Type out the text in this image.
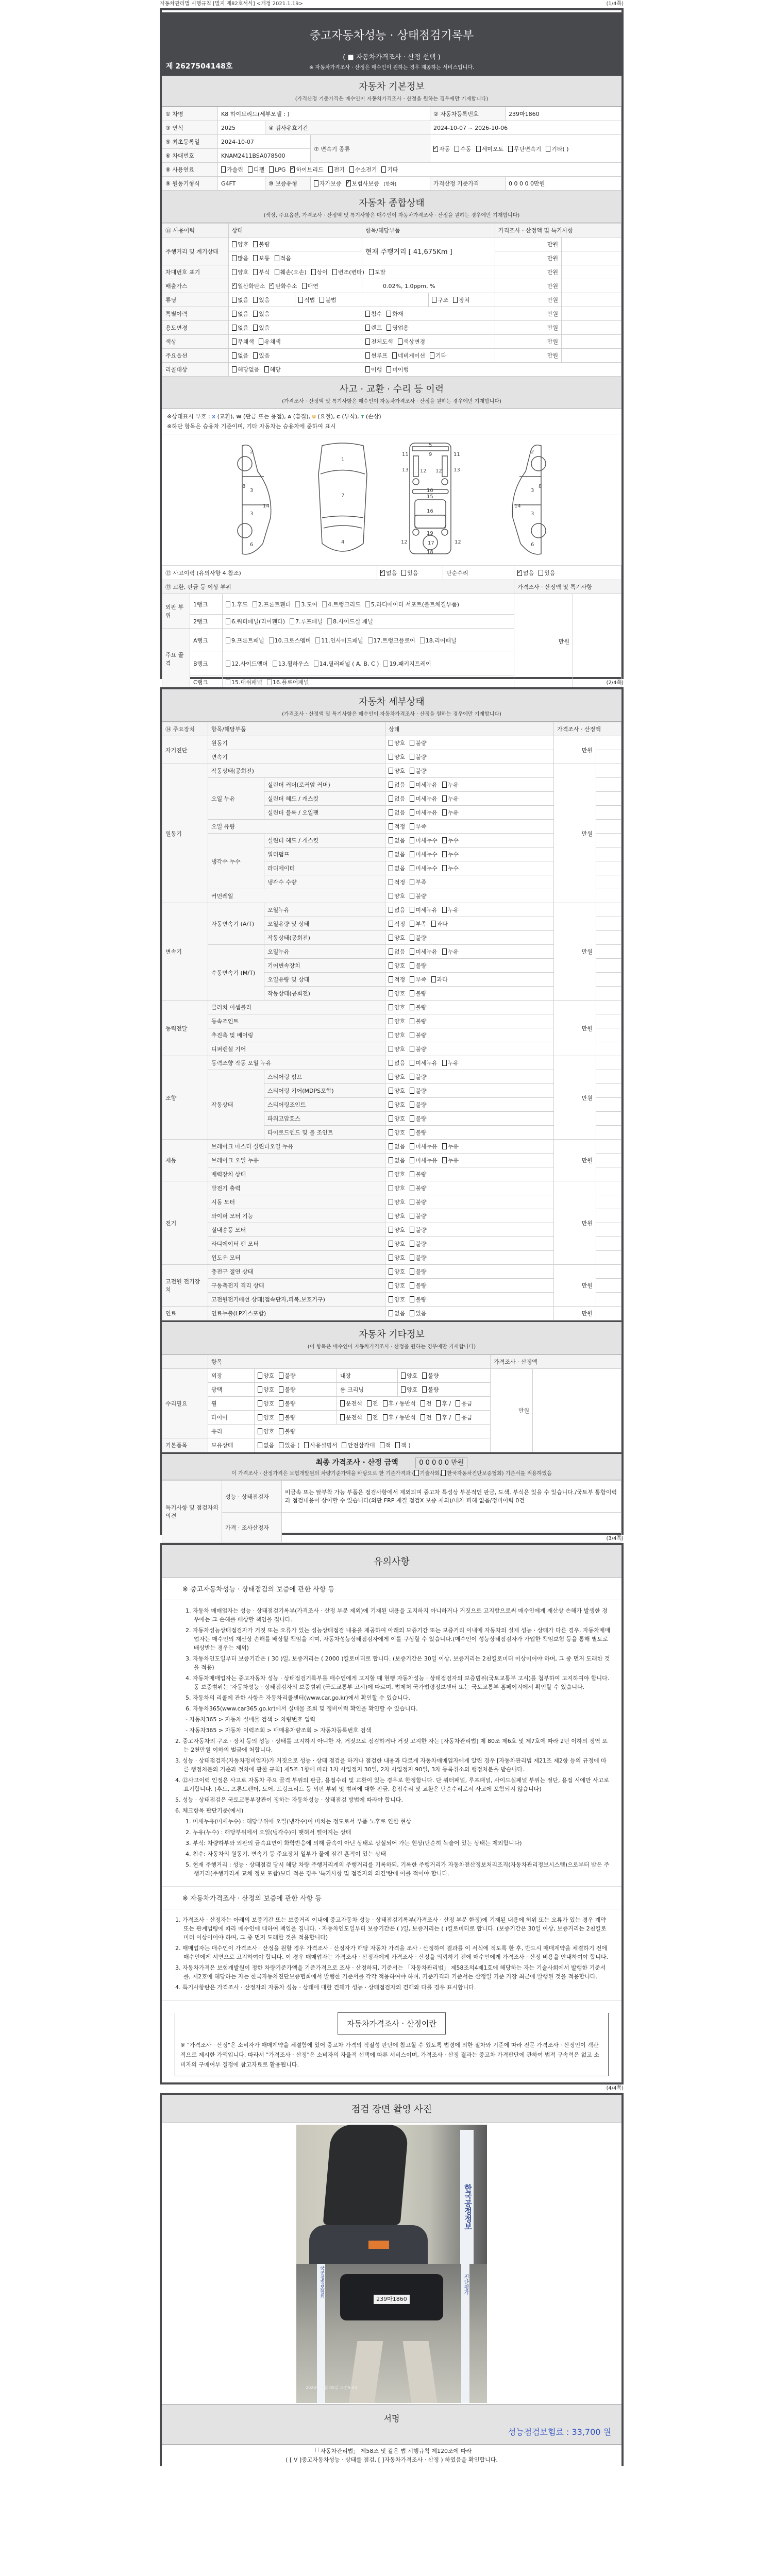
자동차관리법 시행규칙 [별지 제82호서식] <개정 2021.1.19>	(1/4쪽)
중고자동차성능 · 상태점검기록부
( ■ 자동차가격조사 · 산정 선택 )
※ 자동차가격조사 · 산정은 매수인이 원하는 경우 제공하는 서비스입니다.
제 2627504148호
자동차 기본정보
(가격산정 기준가격은 매수인이 자동차가격조사 · 산정을 원하는 경우에만 기재합니다)
① 차명	K8 하이브리드(세부모델 : )			② 자동차등록번호	239마1860
③ 연식	2025	④ 검사유효기간		2024-10-07 ~ 2026-10-06	
⑤ 최초등록일	2024-10-07		⑦ 변속기 종류	✓자동 수동 세미오토 무단변속기 기타( )
⑥ 차대번호	KNAM2411BSA078500				
⑧ 사용연료	가솔린 디젤 LPG ✓ 하이브리드 전기 수소전기 기타
⑨ 원동기형식	G4FT	⑩ 보증유형	자가보증 ✓ 보험사보증 [한화]	가격산정 기준가격	0 0 0 0 0만원
자동차 종합상태
(색상, 주요옵션, 가격조사 · 산정액 및 특기사항은 매수인이 자동차가격조사 · 산정을 원하는 경우에만 기재합니다)
⑪ 사용이력	상태		항목/해당부품		가격조사 · 산정액 및 특기사항	
주행거리 및 계기상태	양호 불량		현재 주행거리 [ 41,675Km ]		만원	
	많음 보통 적음				만원	
차대번호 표기	양호 부식 훼손(오손) 상이 변조(변타) 도말				만원	
배출가스	✓일산화탄소 ✓ 탄화수소 매연		0.02%, 1.0ppm, %		만원	
튜닝	없음 있음	적법 불법		구조 장치	만원	
특별이력	없음 있음		침수 화재		만원	
용도변경	없음 있음		렌트 영업용		만원	
색상	무채색 유채색		전체도색 색상변경		만원	
주요옵션	없음 있음		썬루프 네비게이션 기타		만원	
리콜대상	해당없음 해당		이행 미이행			
사고 · 교환 · 수리 등 이력
(가격조사 · 산정액 및 특기사항은 매수인이 자동차가격조사 · 산정을 원하는 경우에만 기재합니다)
※상태표시 부호 : X (교환), W (판금 또는 용접), A (흠집), U (요철), C (부식), T (손상)
※하단 항목은 승용차 기준이며, 기타 자동차는 승용차에 준하여 표시
2
3
3
8
14
6
1
7
4
5
9
11	11
13	13
12 12
10
15
16
19
17
18
12	12
2
3
3
8
14
6
⑫ 사고이력 (유의사항 4.참조)	✓없음 있음	단순수리	✓없음 있음
⑬ 교환, 판금 등 이상 부위					가격조사 · 산정액 및 특기사항	
외판 부위	1랭크	1.후드 2.프론트휀더 3.도어 4.트렁크리드 5.라디에이터 서포트(볼트체결부품)			만원	
	2랭크	6.쿼터패널(리어휀다) 7.루프패널 8.사이드실 패널				
주요 골격	A랭크	9.프론트패널 10.크로스멤버 11.인사이드패널 17.트렁크플로어 18.리어패널				
	B랭크	12.사이드멤버 13.휠하우스 14.필러패널 ( A, B, C ) 19.패키지트레이				
	C랭크	15.대쉬패널 16.플로어패널					(2/4쪽)
자동차 세부상태
(가격조사 · 산정액 및 특기사항은 매수인이 자동차가격조사 · 산정을 원하는 경우에만 기재합니다)
⑭ 주요장치	항목/해당부품		상태	가격조사 · 산정액	
자기진단	원동기		양호 불량	만원	
	변속기		양호 불량		
원동기	작동상태(공회전)		양호 불량	만원	
	오일 누유	실린더 커버(로커암 커버)	없음 미세누유 누유		
		실린더 헤드 / 개스킷	없음 미세누유 누유		
		실린더 블록 / 오일팬	없음 미세누유 누유		
	오일 유량		적정 부족		
	냉각수 누수	실린더 헤드 / 개스킷	없음 미세누수 누수		
		워터펌프	없음 미세누수 누수		
		라디에이터	없음 미세누수 누수		
		냉각수 수량	적정 부족		
	커먼레일		양호 불량		
변속기	자동변속기 (A/T)	오일누유	없음 미세누유 누유	만원	
		오일유량 및 상태	적정 부족 과다		
		작동상태(공회전)	양호 불량		
	수동변속기 (M/T)	오일누유	없음 미세누유 누유		
		기어변속장치	양호 불량		
		오일유량 및 상태	적정 부족 과다		
		작동상태(공회전)	양호 불량		
동력전달	클러치 어셈블리		양호 불량	만원	
	등속조인트		양호 불량		
	추진축 및 베어링		양호 불량		
	디퍼렌셜 기어		양호 불량		
조향	동력조향 작동 오일 누유		없음 미세누유 누유	만원	
	작동상태	스티어링 펌프	양호 불량		
		스티어링 기어(MDPS포함)	양호 불량		
		스티어링조인트	양호 불량		
		파워고압호스	양호 불량		
		타이로드엔드 및 볼 조인트	양호 불량		
제동	브레이크 마스터 실린더오일 누유		없음 미세누유 누유	만원	
	브레이크 오일 누유		없음 미세누유 누유		
	배력장치 상태		양호 불량		
전기	발전기 출력		양호 불량	만원	
	시동 모터		양호 불량		
	와이퍼 모터 기능		양호 불량		
	실내송풍 모터		양호 불량		
	라디에이터 팬 모터		양호 불량		
	윈도우 모터		양호 불량		
고전원 전기장치	충전구 절연 상태		양호 불량	만원	
	구동축전지 격리 상태		양호 불량		
	고전원전기배선 상태(접속단자,피복,보호기구)		양호 불량		
연료	연료누출(LP가스포함)		없음 있음	만원	
자동차 기타정보
(이 항목은 매수인이 자동차가격조사 · 산정을 원하는 경우에만 기재합니다)
	항목				가격조사 · 산정액	
수리필요	외장	양호 불량	내장	양호 불량	만원	
	광택	양호 불량	룸 크리닝	양호 불량		
	휠	양호 불량	운전석 전 후 / 동반석 전 후 / 응급			
	타이어	양호 불량	운전석 전 후 / 동반석 전 후 / 응급			
	유리	양호 불량				
기본품목	보유상태	없음 있음 ( 사용설명서 안전삼각대 잭 잭 )				
최종 가격조사 · 산정 금액	0 0 0 0 0 만원
이 가격조사 · 산정가격은 보험개발원의 차량기준가액을 바탕으로 한 기준가격과 ( 기술사회, 한국자동차진단보증협회) 기준서를 적용하였음
특기사항 및 점검자의 의견	성능 · 상태점검자	비금속 또는 탈부착 가능 부품은 점검사항에서 제외되며 중고차 특성상 부분적인 판금, 도색, 부식은 있을 수 있습니다./국토부 통합이력과 점검내용이 상이할 수 있습니다(외판 FRP 재질 점검X 보증 제외)/내차 피해 없음/정비이력 0건
	가격 · 조사산정자	
(3/4쪽)
유의사항
※ 중고자동차성능 · 상태점검의 보증에 관한 사항 등
1. 자동차 매매업자는 성능 · 상태점검기록부(가격조사 · 산정 부분 제외)에 기재된 내용을 고지하지 아니하거나 거짓으로 고지함으로써 매수인에게 재산상 손해가 발생한 경우에는 그 손해를 배상할 책임을 집니다.
2. 자동차성능상태점검자가 거짓 또는 오류가 있는 성능상태점검 내용을 제공하여 아래의 보증기간 또는 보증거리 이내에 자동차의 실제 성능 · 상태가 다른 경우, 자동차매매업자는 매수인의 재산상 손해를 배상할 책임을 지며, 자동차성능상태점검자에게 이를 구상할 수 있습니다.(매수인이 성능상태점검자가 가입한 책임보험 등을 통해 별도로 배상받는 경우는 제외)
3. 자동차인도일부터 보증기간은 ( 30 )일, 보증거리는 ( 2000 )킬로미터로 합니다. (보증기간은 30일 이상, 보증거리는 2천킬로미터 이상이어야 하며, 그 중 먼저 도래한 것을 적용)
4. 자동차매매업자는 중고자동차 성능 · 상태점검기록부를 매수인에게 고지할 때 현행 자동차성능 · 상태점검자의 보증범위(국토교통부 고시)를 첨부하여 고지하여야 합니다. 동 보증범위는 '자동차성능 · 상태점검자의 보증범위 (국토교통부 고시)에 따르며, 법제처 국가법령정보센터 또는 국토교통부 홈페이지에서 확인할 수 있습니다.
5. 자동차의 리콜에 관한 사항은 자동차리콜센터(www.car.go.kr)에서 확인할 수 있습니다.
6. 자동차365(www.car365.go.kr)에서 실매물 조회 및 정비이력 확인을 확인할 수 있습니다.
- 자동차365 > 자동차 실매물 검색 > 차량번호 입력
- 자동차365 > 자동차 이력조회 > 매매용차량조회 > 자동차등록번호 검색
2. 중고자동차의 구조 · 장치 등의 성능 · 상태를 고지하지 아니한 자, 거짓으로 점검하거나 거짓 고지한 자는 [자동차관리법] 제 80조 제6호 및 제7호에 따라 2년 이하의 징역 또는 2천만원 이하의 벌금에 처합니다.
3. 성능 · 상태점검자(자동차정비업자)가 거짓으로 성능 · 상태 점검을 하거나 점검한 내용과 다르게 자동차매매업자에게 알린 경우 [자동차관리법 제21조 제2항 등의 규정에 따른 행정처분의 기준과 절차에 관한 규칙] 제5조 1항에 따라 1차 사업정지 30일, 2차 사업정지 90일, 3차 등록취소의 행정처분을 받습니다.
4. ⑫사고이력 인정은 사고로 자동차 주요 골격 부위의 판금, 용접수리 및 교환이 있는 경우로 한정합니다. 단 쿼터패널, 루프패널, 사이드실패널 부위는 절단, 용접 시에만 사고로 표기합니다. (후드, 프론트펜더, 도어, 트렁크리드 등 외판 부위 및 범퍼에 대한 판금, 용접수리 및 교환은 단순수리로서 사고에 포함되지 않습니다)
5. 성능 · 상태점검은 국토교통부장관이 정하는 자동차성능 · 상태점검 방법에 따라야 합니다.
6. 체크항목 판단기준(예시)
1. 미세누유(미세누수) : 해당부위에 오일(냉각수)이 비치는 정도로서 부품 노후로 인한 현상
2. 누유(누수) : 해당부위에서 오일(냉각수)이 맺혀서 떨어지는 상태
3. 부식: 차량하부와 외판의 금속표면이 화학반응에 의해 금속이 아닌 상태로 상실되어 가는 현상(단순히 녹슬어 있는 상태는 제외합니다)
4. 침수: 자동차의 원동기, 변속기 등 주요장치 일부가 물에 잠긴 흔적이 있는 상태
5. 현재 주행거리 : 성능 · 상태점검 당시 해당 차량 주행거리계의 주행거리를 기록하되, 기록한 주행거리가 자동차전산정보처리조직(자동차관리정보시스템)으로부터 받은 주행거리(주행거리계 교체 정보 포함)보다 적은 경우 '특기사항 및 점검자의 의견'란에 이를 적어야 합니다.
※ 자동차가격조사 · 산정의 보증에 관한 사항 등
1. 가격조사 · 산정자는 아래의 보증기간 또는 보증거리 이내에 중고자동차 성능 · 상태점검기록부(가격조사 · 산정 부분 한정)에 기재된 내용에 허위 또는 오류가 있는 경우 계약 또는 관계법령에 따라 매수인에 대하여 책임을 집니다. · 자동차인도일부터 보증기간은 ( )일, 보증거리는 ( )킬로미터로 합니다. (보증기간은 30일 이상, 보증거리는 2천킬로미터 이상이어야 하며, 그 중 먼저 도래한 것을 적용합니다)
2. 매매업자는 매수인이 가격조사 · 산정을 원할 경우 가격조사 · 산정자가 해당 자동차 가격을 조사 · 산정하여 결과를 이 서식에 적도록 한 후, 반드시 매매계약을 체결하기 전에 매수인에게 서면으로 고지하여야 합니다. 이 경우 매매업자는 가격조사 · 산정자에게 가격조사 · 산정을 의뢰하기 전에 매수인에게 가격조사 · 산정 비용을 안내하여야 합니다.
3. 자동차가격은 보험개발원이 정한 차량기준가액을 기준가격으로 조사 · 산정하되, 기준서는 「자동차관리법」 제58조의4제1호에 해당하는 자는 기술사회에서 발행한 기준서를, 제2호에 해당하는 자는 한국자동차진단보증협회에서 발행한 기준서를 각각 적용하여야 하며, 기준가격과 기준서는 산정일 기준 가장 최근에 발행된 것을 적용합니다.
4. 특기사항란은 가격조사 · 산정자의 자동차 성능 · 상태에 대한 견해가 성능 · 상태점검자의 견해와 다를 경우 표시합니다.
자동차가격조사 · 산정이란

※ "가격조사 · 산정"은 소비자가 매매계약을 체결함에 있어 중고차 가격의 적절성 판단에 참고할 수 있도록 법령에 의한 절차와 기준에 따라 전문 가격조사 · 산정인이 객관적으로 제시한 가액입니다. 따라서 "가격조사 · 산정"은 소비자의 자율적 선택에 따른 서비스이며, 가격조사 · 산정 결과는 중고차 가격판단에 관하여 법적 구속력은 없고 소비자의 구매여부 결정에 참고자료로 활용됩니다.

(4/4쪽)
점검 장면 촬영 사진
한국공정정보
239마1860
국공정정보협회	진단평가
2026년 3월 05일 오전9:03
서명
성능점검보험료 : 33,700 원
「「자동차관리법」 제58조 및 같은 법 시행규칙 제120조에 따라
( [ V ]중고자동차성능 · 상태를 점검, [ ]자동차가격조사 · 산정 ) 하였음을 확인합니다.
